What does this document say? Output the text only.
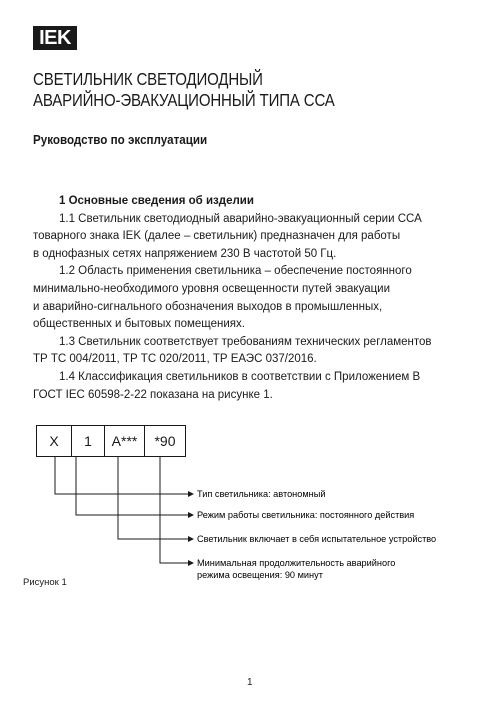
IEK
СВЕТИЛЬНИК СВЕТОДИОДНЫЙ
АВАРИЙНО-ЭВАКУАЦИОННЫЙ ТИПА ССА
Руководство по эксплуатации
1 Основные сведения об изделии
1.1 Светильник светодиодный аварийно-эвакуационный серии ССА
товарного знака IEK (далее – светильник) предназначен для работы
в однофазных сетях напряжением 230 В частотой 50 Гц.
1.2 Область применения светильника – обеспечение постоянного
минимально-необходимого уровня освещенности путей эвакуации
и аварийно-сигнального обозначения выходов в промышленных,
общественных и бытовых помещениях.
1.3 Светильник соответствует требованиям технических регламентов
ТР ТС 004/2011, ТР ТС 020/2011, ТР ЕАЭС 037/2016.
1.4 Классификация светильников в соответствии с Приложением В
ГОСТ IEC 60598-2-22 показана на рисунке 1.
X	1	A***	*90
Тип светильника: автономный
Режим работы светильника: постоянного действия
Светильник включает в себя испытательное устройство
Минимальная продолжительность аварийного
режима освещения: 90 минут
Рисунок 1
1
